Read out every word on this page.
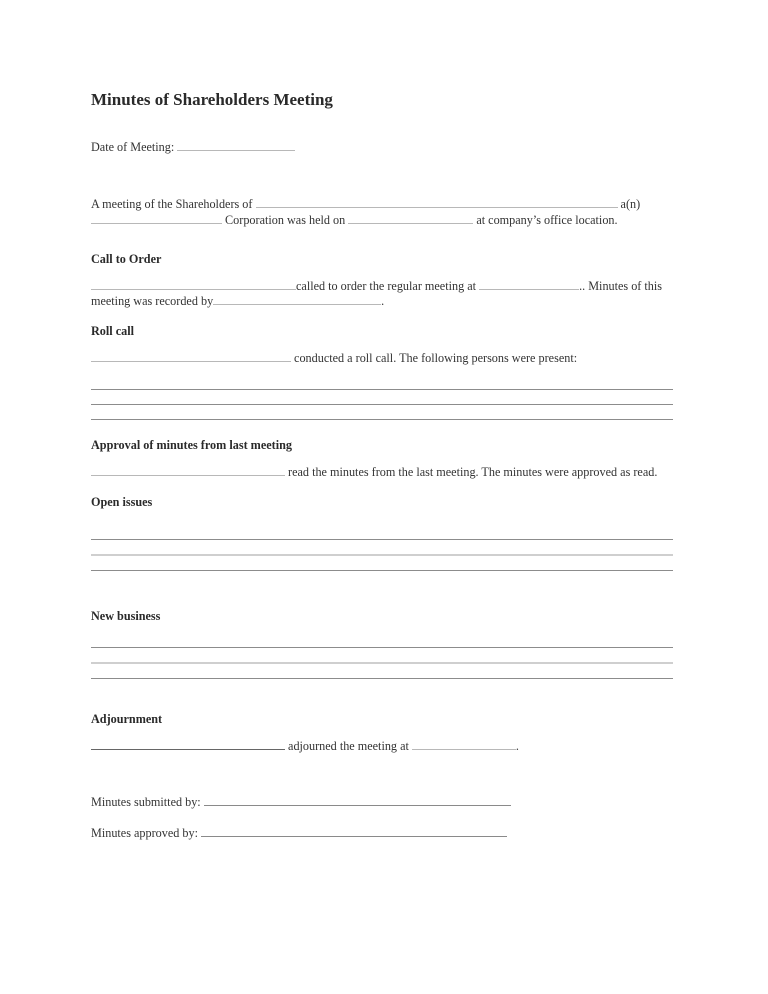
Minutes of Shareholders Meeting
Date of Meeting:
A meeting of the Shareholders of	a(n)
Corporation was held on	at company’s office location.
Call to Order
called to order the regular meeting at	.. Minutes of this
meeting was recorded by	.
Roll call
conducted a roll call. The following persons were present:
Approval of minutes from last meeting
read the minutes from the last meeting. The minutes were approved as read.
Open issues
New business
Adjournment
adjourned the meeting at	.
Minutes submitted by:
Minutes approved by:
